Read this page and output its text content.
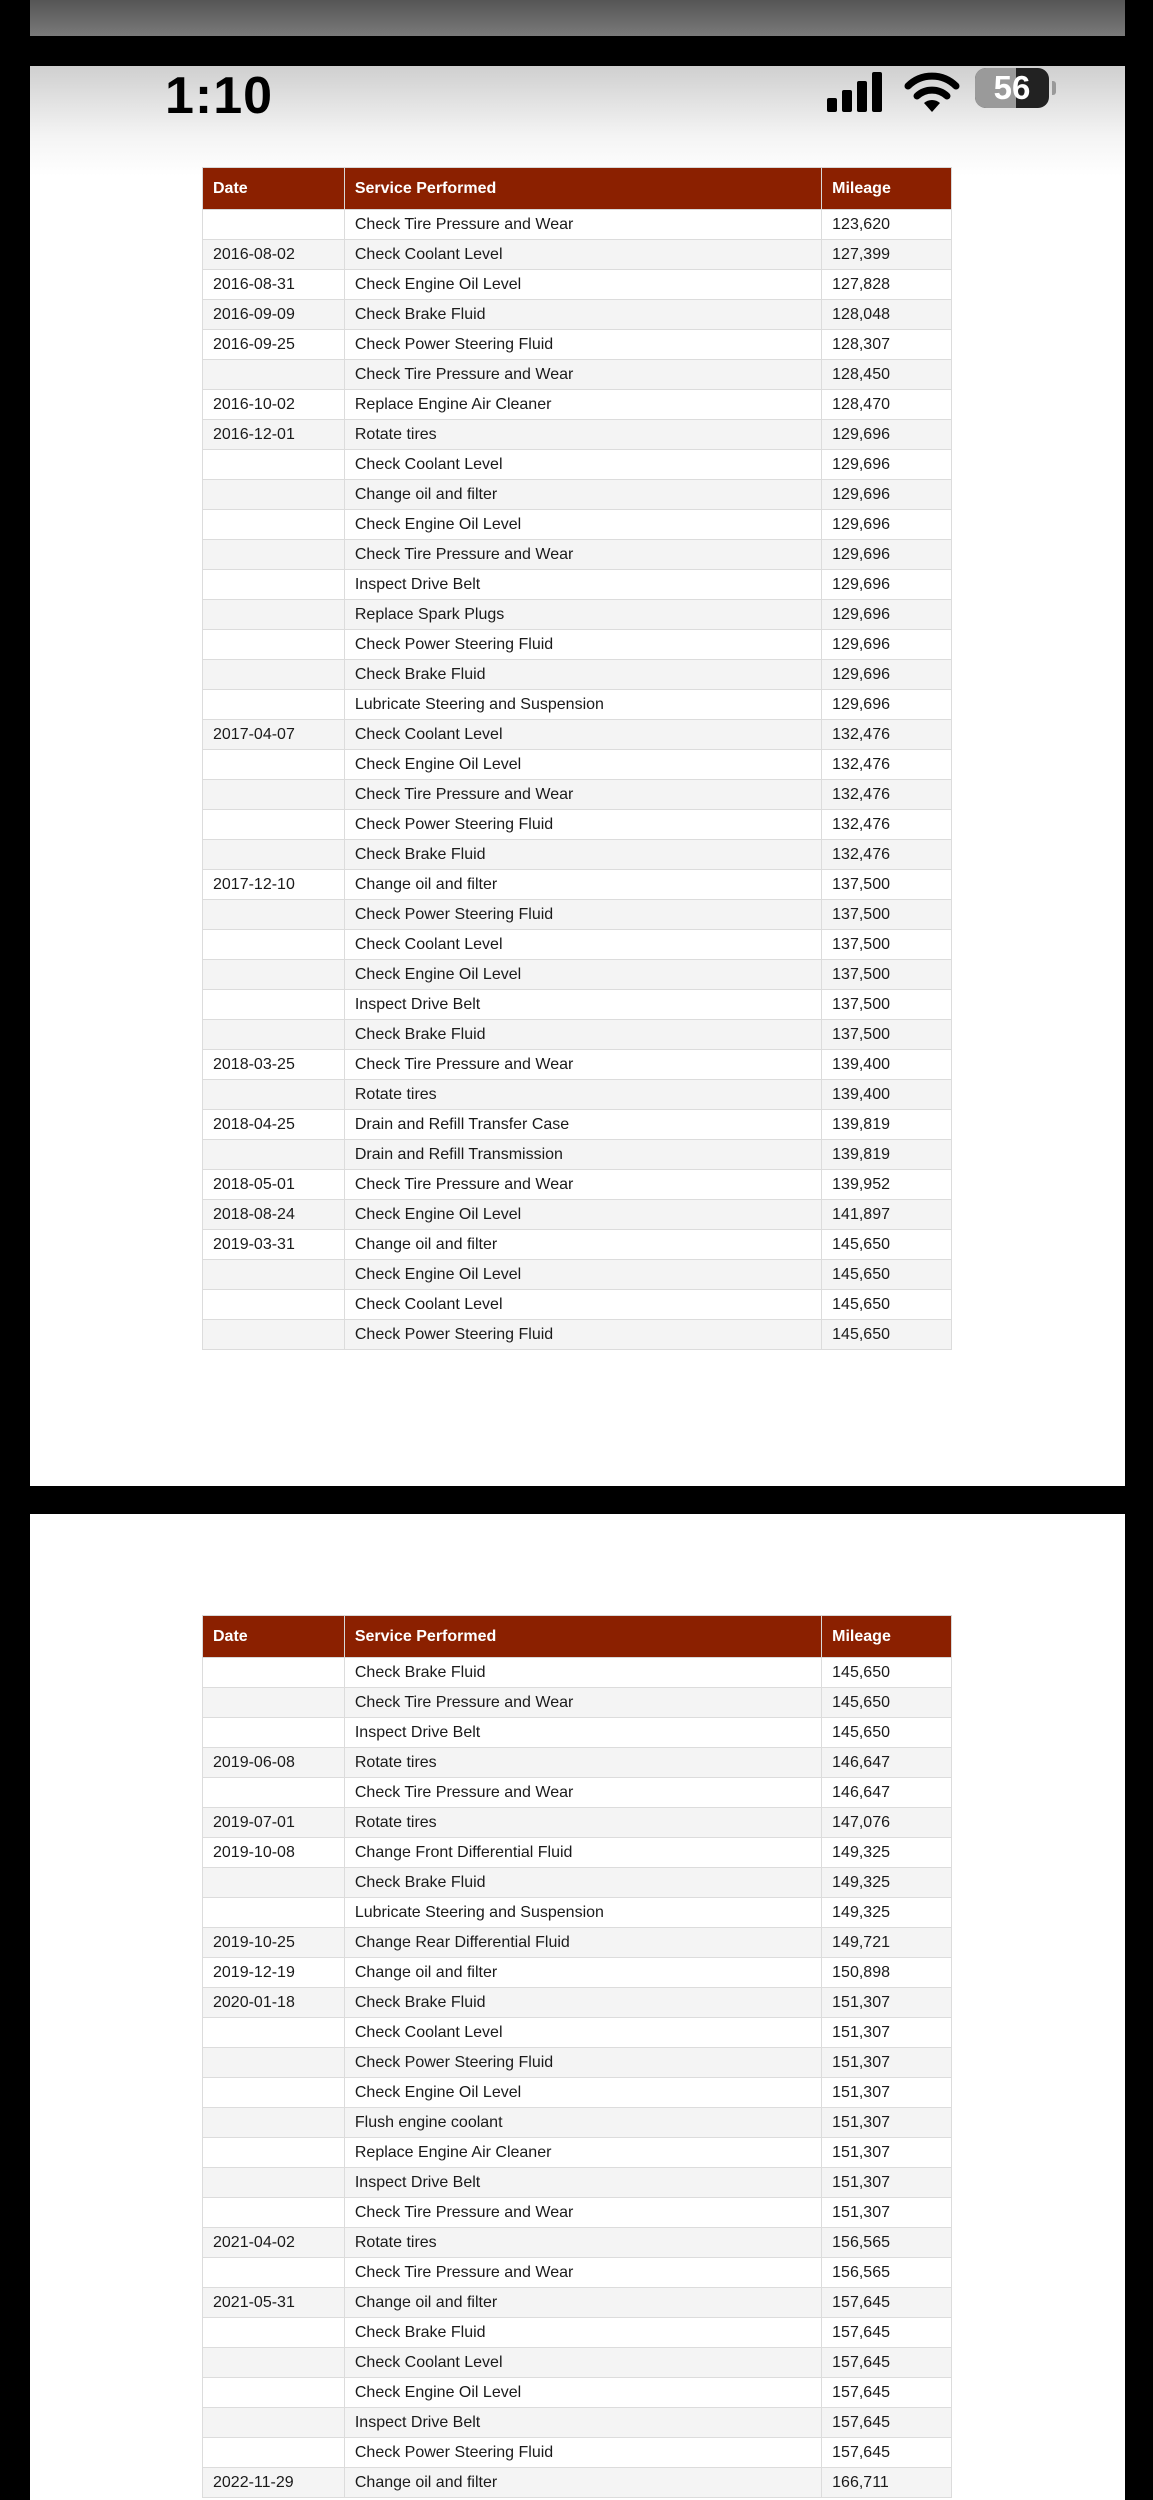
1:10	56
Date	Service Performed	Mileage
	Check Tire Pressure and Wear	123,620
2016-08-02	Check Coolant Level	127,399
2016-08-31	Check Engine Oil Level	127,828
2016-09-09	Check Brake Fluid	128,048
2016-09-25	Check Power Steering Fluid	128,307
	Check Tire Pressure and Wear	128,450
2016-10-02	Replace Engine Air Cleaner	128,470
2016-12-01	Rotate tires	129,696
	Check Coolant Level	129,696
	Change oil and filter	129,696
	Check Engine Oil Level	129,696
	Check Tire Pressure and Wear	129,696
	Inspect Drive Belt	129,696
	Replace Spark Plugs	129,696
	Check Power Steering Fluid	129,696
	Check Brake Fluid	129,696
	Lubricate Steering and Suspension	129,696
2017-04-07	Check Coolant Level	132,476
	Check Engine Oil Level	132,476
	Check Tire Pressure and Wear	132,476
	Check Power Steering Fluid	132,476
	Check Brake Fluid	132,476
2017-12-10	Change oil and filter	137,500
	Check Power Steering Fluid	137,500
	Check Coolant Level	137,500
	Check Engine Oil Level	137,500
	Inspect Drive Belt	137,500
	Check Brake Fluid	137,500
2018-03-25	Check Tire Pressure and Wear	139,400
	Rotate tires	139,400
2018-04-25	Drain and Refill Transfer Case	139,819
	Drain and Refill Transmission	139,819
2018-05-01	Check Tire Pressure and Wear	139,952
2018-08-24	Check Engine Oil Level	141,897
2019-03-31	Change oil and filter	145,650
	Check Engine Oil Level	145,650
	Check Coolant Level	145,650
	Check Power Steering Fluid	145,650
Date	Service Performed	Mileage
	Check Brake Fluid	145,650
	Check Tire Pressure and Wear	145,650
	Inspect Drive Belt	145,650
2019-06-08	Rotate tires	146,647
	Check Tire Pressure and Wear	146,647
2019-07-01	Rotate tires	147,076
2019-10-08	Change Front Differential Fluid	149,325
	Check Brake Fluid	149,325
	Lubricate Steering and Suspension	149,325
2019-10-25	Change Rear Differential Fluid	149,721
2019-12-19	Change oil and filter	150,898
2020-01-18	Check Brake Fluid	151,307
	Check Coolant Level	151,307
	Check Power Steering Fluid	151,307
	Check Engine Oil Level	151,307
	Flush engine coolant	151,307
	Replace Engine Air Cleaner	151,307
	Inspect Drive Belt	151,307
	Check Tire Pressure and Wear	151,307
2021-04-02	Rotate tires	156,565
	Check Tire Pressure and Wear	156,565
2021-05-31	Change oil and filter	157,645
	Check Brake Fluid	157,645
	Check Coolant Level	157,645
	Check Engine Oil Level	157,645
	Inspect Drive Belt	157,645
	Check Power Steering Fluid	157,645
2022-11-29	Change oil and filter	166,711
